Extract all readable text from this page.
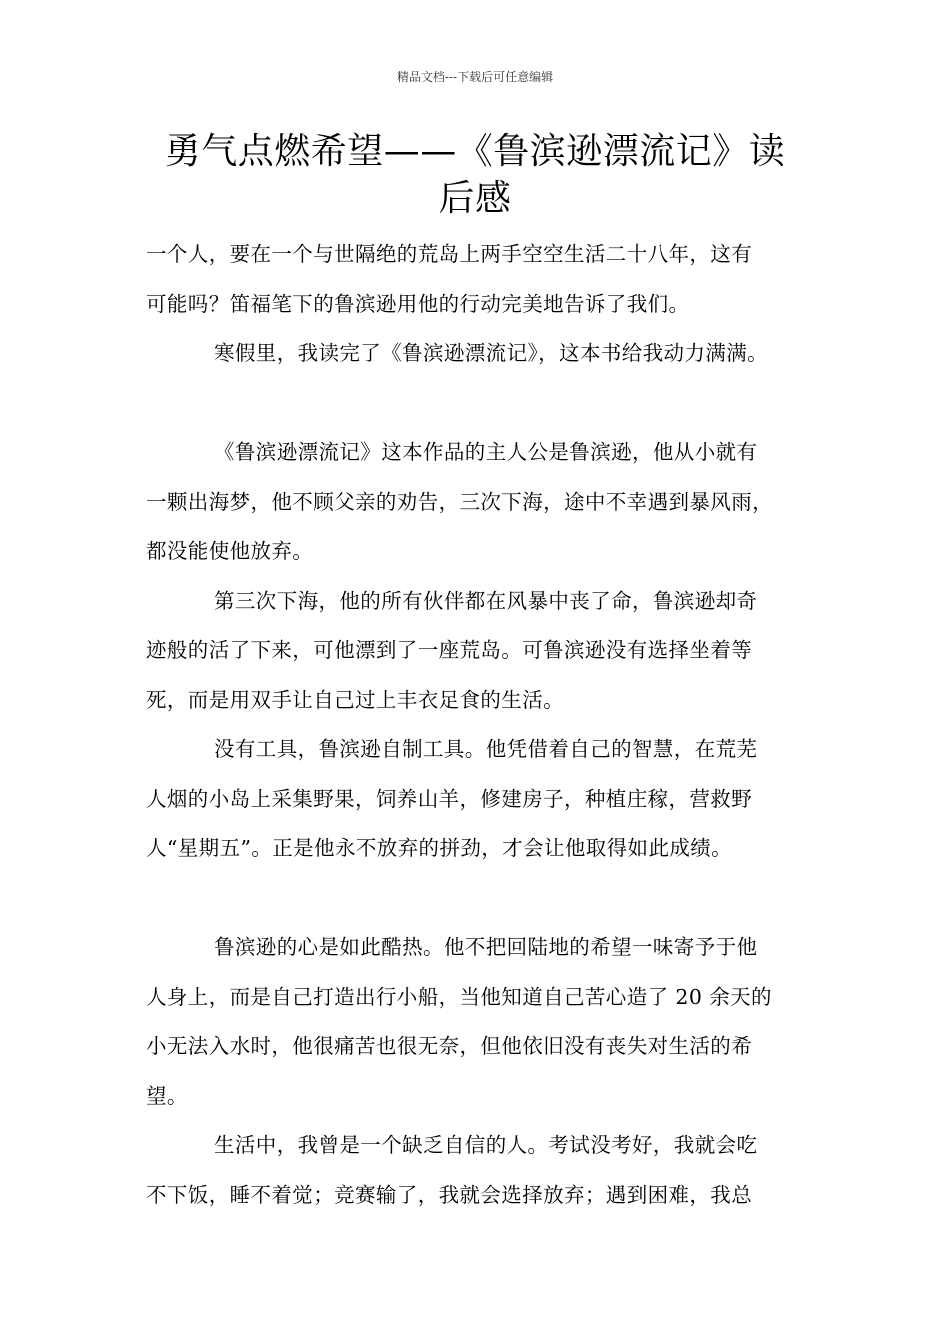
精品文档---下载后可任意编辑
勇气点燃希望——《鲁滨逊漂流记》读
后感
一个人，要在一个与世隔绝的荒岛上两手空空生活二十八年，这有
可能吗？笛福笔下的鲁滨逊用他的行动完美地告诉了我们。
寒假里，我读完了《鲁滨逊漂流记》，这本书给我动力满满。
《鲁滨逊漂流记》这本作品的主人公是鲁滨逊，他从小就有
一颗出海梦，他不顾父亲的劝告，三次下海，途中不幸遇到暴风雨，
都没能使他放弃。
第三次下海，他的所有伙伴都在风暴中丧了命，鲁滨逊却奇
迹般的活了下来，可他漂到了一座荒岛。可鲁滨逊没有选择坐着等
死，而是用双手让自己过上丰衣足食的生活。
没有工具，鲁滨逊自制工具。他凭借着自己的智慧，在荒芜
人烟的小岛上采集野果，饲养山羊，修建房子，种植庄稼，营救野
人“星期五”。正是他永不放弃的拼劲，才会让他取得如此成绩。
鲁滨逊的心是如此酷热。他不把回陆地的希望一味寄予于他
人身上，而是自己打造出行小船，当他知道自己苦心造了 20 余天的
小无法入水时，他很痛苦也很无奈，但他依旧没有丧失对生活的希
望。
生活中，我曾是一个缺乏自信的人。考试没考好，我就会吃
不下饭，睡不着觉；竞赛输了，我就会选择放弃；遇到困难，我总
